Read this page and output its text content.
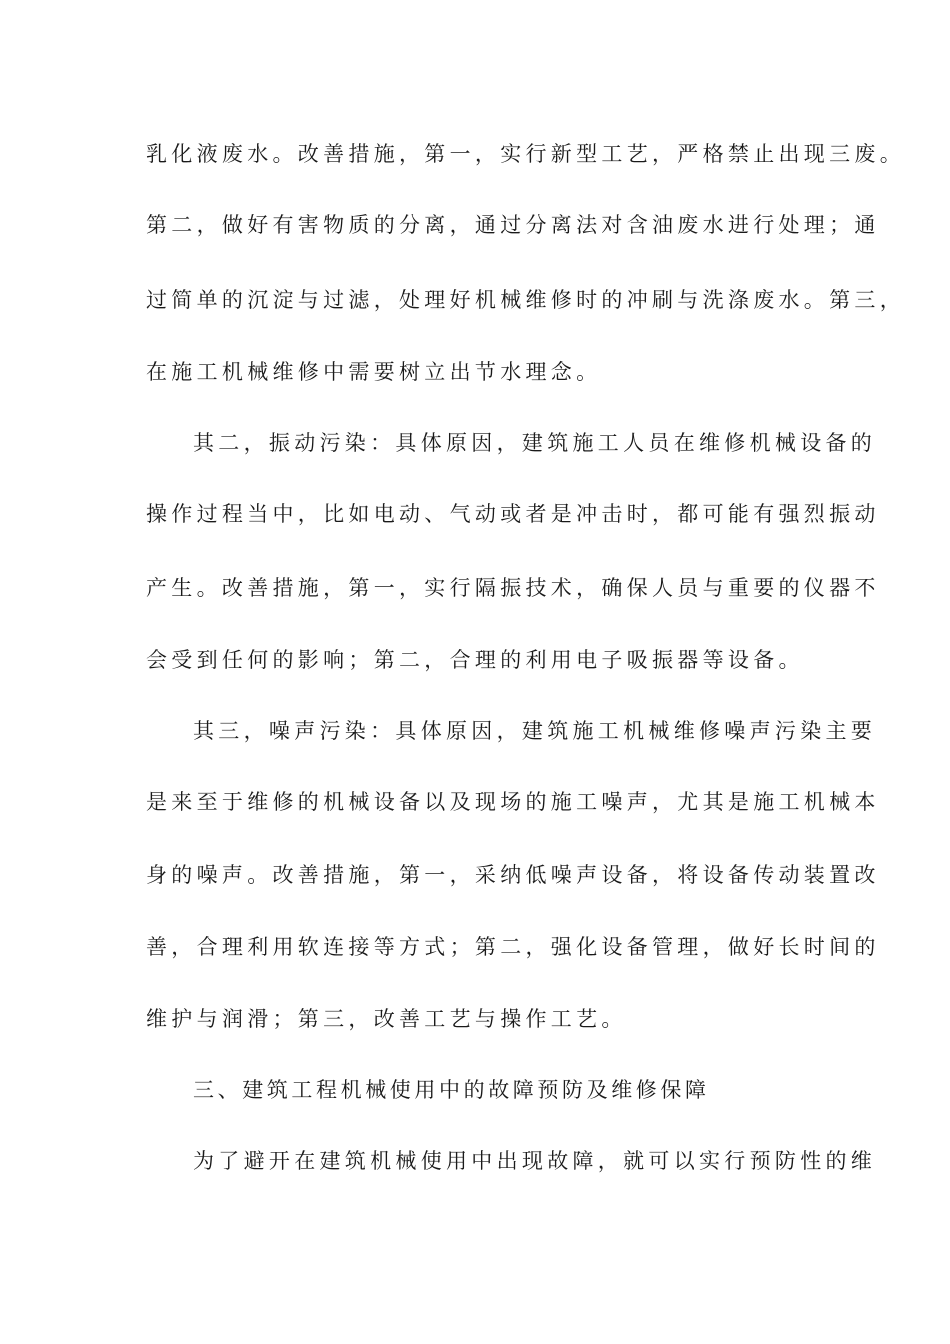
乳化液废水。改善措施，第一，实行新型工艺，严格禁止出现三废。

第二，做好有害物质的分离，通过分离法对含油废水进行处理；通

过简单的沉淀与过滤，处理好机械维修时的冲刷与洗涤废水。第三，

在施工机械维修中需要树立出节水理念。

其二，振动污染：具体原因，建筑施工人员在维修机械设备的

操作过程当中，比如电动、气动或者是冲击时，都可能有强烈振动

产生。改善措施，第一，实行隔振技术，确保人员与重要的仪器不

会受到任何的影响；第二，合理的利用电子吸振器等设备。

其三，噪声污染：具体原因，建筑施工机械维修噪声污染主要

是来至于维修的机械设备以及现场的施工噪声，尤其是施工机械本

身的噪声。改善措施，第一，采纳低噪声设备，将设备传动装置改

善，合理利用软连接等方式；第二，强化设备管理，做好长时间的

维护与润滑；第三，改善工艺与操作工艺。

三、建筑工程机械使用中的故障预防及维修保障

为了避开在建筑机械使用中出现故障，就可以实行预防性的维
